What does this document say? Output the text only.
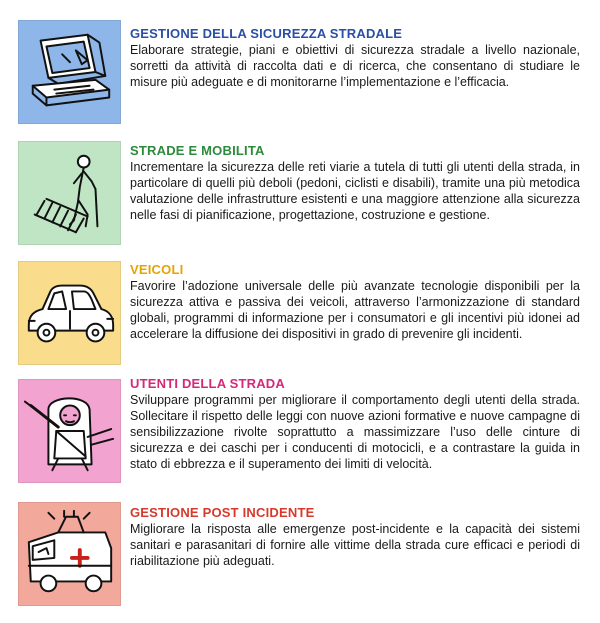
GESTIONE DELLA SICUREZZA STRADALE
Elaborare strategie, piani e obiettivi di sicurezza stradale a livello nazionale, sorretti da attività di raccolta dati e di ricerca, che consentano di studiare le misure più adeguate e di monitorarne l’implementazione e l’efficacia.
STRADE E MOBILITA
Incrementare la sicurezza delle reti viarie a tutela di tutti gli utenti della strada, in particolare di quelli più deboli (pedoni, ciclisti e disabili), tramite una più metodica valutazione delle infrastrutture esistenti e una maggiore attenzione alla sicurezza nelle fasi di pianificazione, progettazione, costruzione e gestione.
VEICOLI
Favorire l’adozione universale delle più avanzate tecnologie disponibili per la sicurezza attiva e passiva dei veicoli, attraverso l’armonizzazione di standard globali, programmi di informazione per i consumatori e gli incentivi più idonei ad accelerare la diffusione dei dispositivi in grado di prevenire gli incidenti.
UTENTI DELLA STRADA
Sviluppare programmi per migliorare il comportamento degli utenti della strada. Sollecitare il rispetto delle leggi con nuove azioni formative e nuove campagne di sensibilizzazione rivolte soprattutto a massimizzare l’uso delle cinture di sicurezza e dei caschi per i conducenti di motocicli, e a contrastare la guida in stato di ebbrezza e il superamento dei limiti di velocità.
GESTIONE POST INCIDENTE
Migliorare la risposta alle emergenze post-incidente e la capacità dei sistemi sanitari e parasanitari di fornire alle vittime della strada cure efficaci e periodi di riabilitazione più adeguati.
